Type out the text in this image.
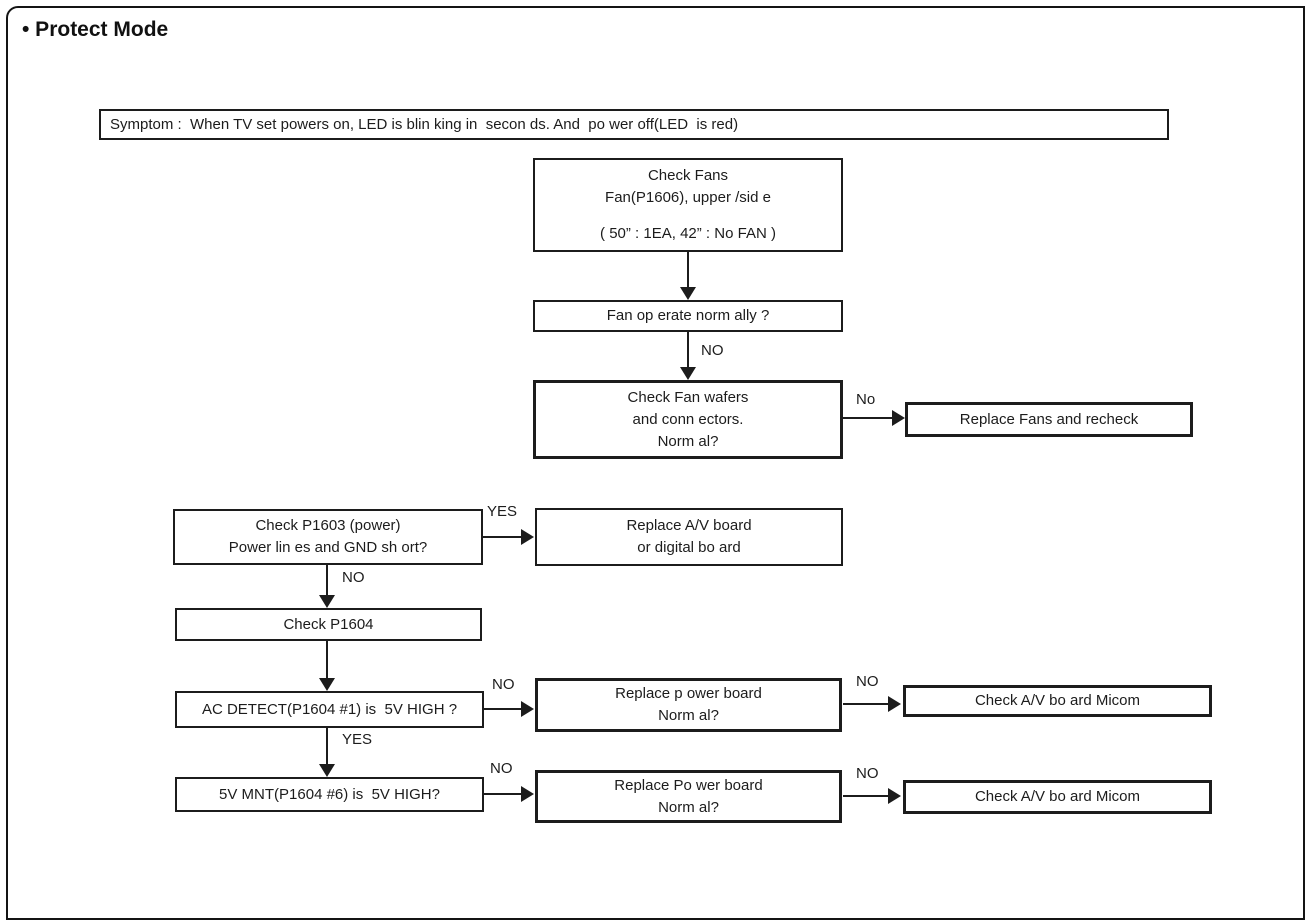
• Protect Mode
Symptom :  When TV set powers on, LED is blin king in  secon ds. And  po wer off(LED  is red)
Check Fans
Fan(P1606), upper /sid e
( 50” : 1EA, 42” : No FAN )
Fan op erate norm ally ?
Check Fan wafers
and conn ectors.
Norm al?
Replace Fans and recheck
Check P1603 (power)
Power lin es and GND sh ort?
Replace A/V board
or digital bo ard
Check P1604
AC DETECT(P1604 #1) is  5V HIGH ?
Replace p ower board
Norm al?
Check A/V bo ard Micom
5V MNT(P1604 #6) is  5V HIGH?
Replace Po wer board
Norm al?
Check A/V bo ard Micom
NO
No
YES
NO
NO	NO
YES
NO	NO
